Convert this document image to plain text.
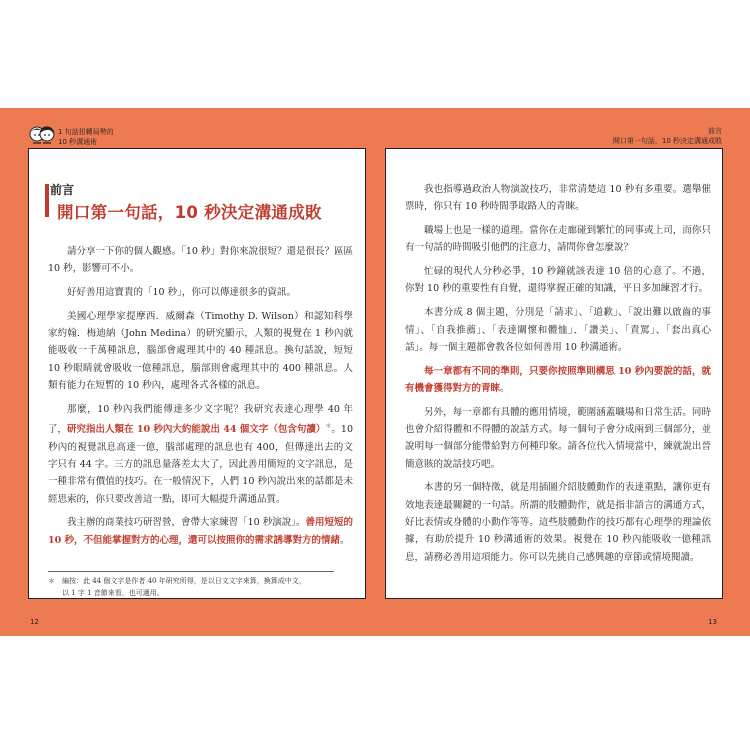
1 句話扭轉局勢的
10 秒溝通術
前言
開口第一句話，10 秒決定溝通成敗
前言
開口第一句話，10 秒決定溝通成敗

請分享一下你的個人觀感。「10 秒」對你來說很短？還是很長？區區 10 秒，影響可不小。

好好善用這寶貴的「10 秒」，你可以傳達很多的資訊。

美國心理學家提摩西．威爾森（Timothy D. Wilson）和認知科學家約翰．梅迪納（John Medina）的研究顯示，人類的視覺在 1 秒內就能吸收一千萬種訊息，腦部會處理其中的 40 種訊息。換句話說，短短 10 秒眼睛就會吸收一億種訊息，腦部則會處理其中的 400 種訊息。人類有能力在短暫的 10 秒內，處理各式各樣的訊息。

那麼，10 秒內我們能傳達多少文字呢？我研究表達心理學 40 年了，研究指出人類在 10 秒內大約能說出 44 個文字（包含句讀）＊。10 秒內的視覺訊息高達一億，腦部處理的訊息也有 400，但傳達出去的文字只有 44 字。三方的訊息量落差太大了，因此善用簡短的文字訊息，是一種非常有價值的技巧。在一般情況下，人們 10 秒內說出來的話都是未經思索的，你只要改善這一點，即可大幅提升溝通品質。

我主辦的商業技巧研習營，會帶大家練習「10 秒演說」。善用短短的 10 秒，不但能掌握對方的心理，還可以按照你的需求誘導對方的情緒。

＊ 編按：此 44 個文字是作者 40 年研究所得，是以日文文字來算，換算成中文，
以 1 字 1 音節來看，也可適用。

我也指導過政治人物演說技巧，非常清楚這 10 秒有多重要。選舉催票時，你只有 10 秒時間爭取路人的青睞。

職場上也是一樣的道理。當你在走廊碰到繁忙的同事或上司，而你只有一句話的時間吸引他們的注意力，請問你會怎麼說？

忙碌的現代人分秒必爭，10 秒鐘就該表達 10 倍的心意了。不過，你對 10 秒的重要性有自覺，還得掌握正確的知識，平日多加練習才行。

本書分成 8 個主題，分別是「請求」、「道歉」、「說出難以啟齒的事情」、「自我推薦」、「表達關懷和體恤」、「讚美」、「責罵」、「套出真心話」。每一個主題都會教各位如何善用 10 秒溝通術。

每一章都有不同的準則，只要你按照準則構思 10 秒內要說的話，就有機會獲得對方的青睞。

另外，每一章都有具體的應用情境，範圍涵蓋職場和日常生活。同時也會介紹得體和不得體的說話方式。每一個句子會分成兩到三個部分，並說明每一個部分能帶給對方何種印象。請各位代入情境當中，練就說出晉簡意賅的說話技巧吧。

本書的另一個特徵，就是用插圖介紹肢體動作的表達重點，讓你更有效地表達最關鍵的一句話。所謂的肢體動作，就是指非語言的溝通方式，好比表情或身體的小動作等等。這些肢體動作的技巧都有心理學的理論依據，有助於提升 10 秒溝通術的效果。視覺在 10 秒內能吸收一億種訊息，請務必善用這項能力。你可以先挑自己感興趣的章節或情境閱讀。

12	13
